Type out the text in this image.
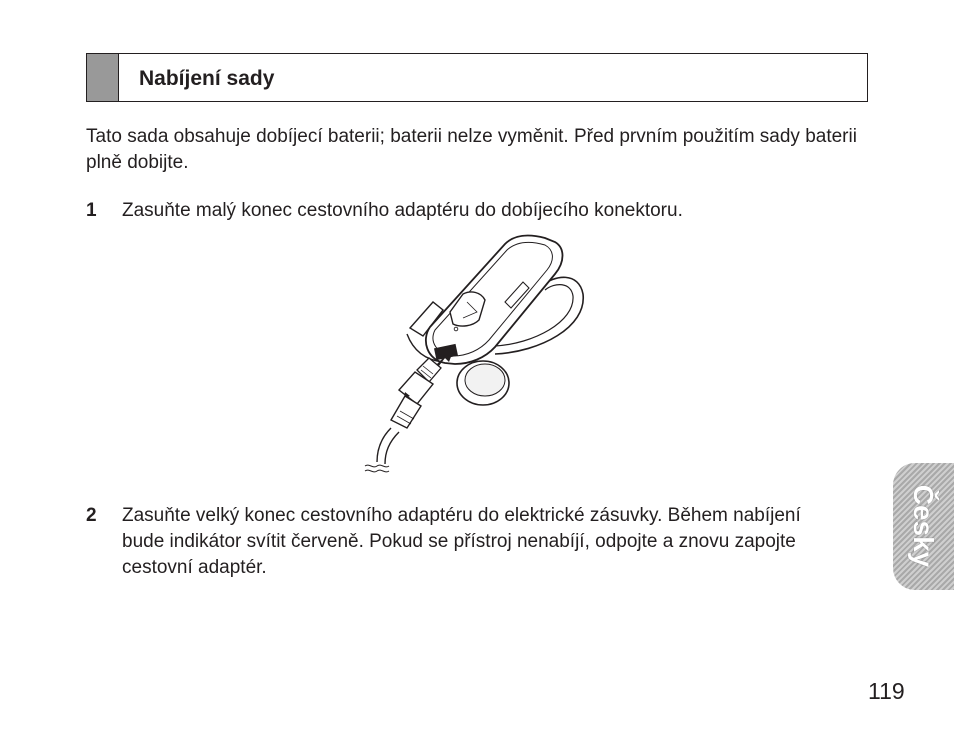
Nabíjení sady
Tato sada obsahuje dobíjecí baterii; baterii nelze vyměnit. Před prvním použitím sady baterii plně dobijte.
1 Zasuňte malý konec cestovního adaptéru do dobíjecího konektoru.
2 Zasuňte velký konec cestovního adaptéru do elektrické zásuvky. Během nabíjení bude indikátor svítit červeně. Pokud se přístroj nenabíjí, odpojte a znovu zapojte cestovní adaptér.
Česky
119
